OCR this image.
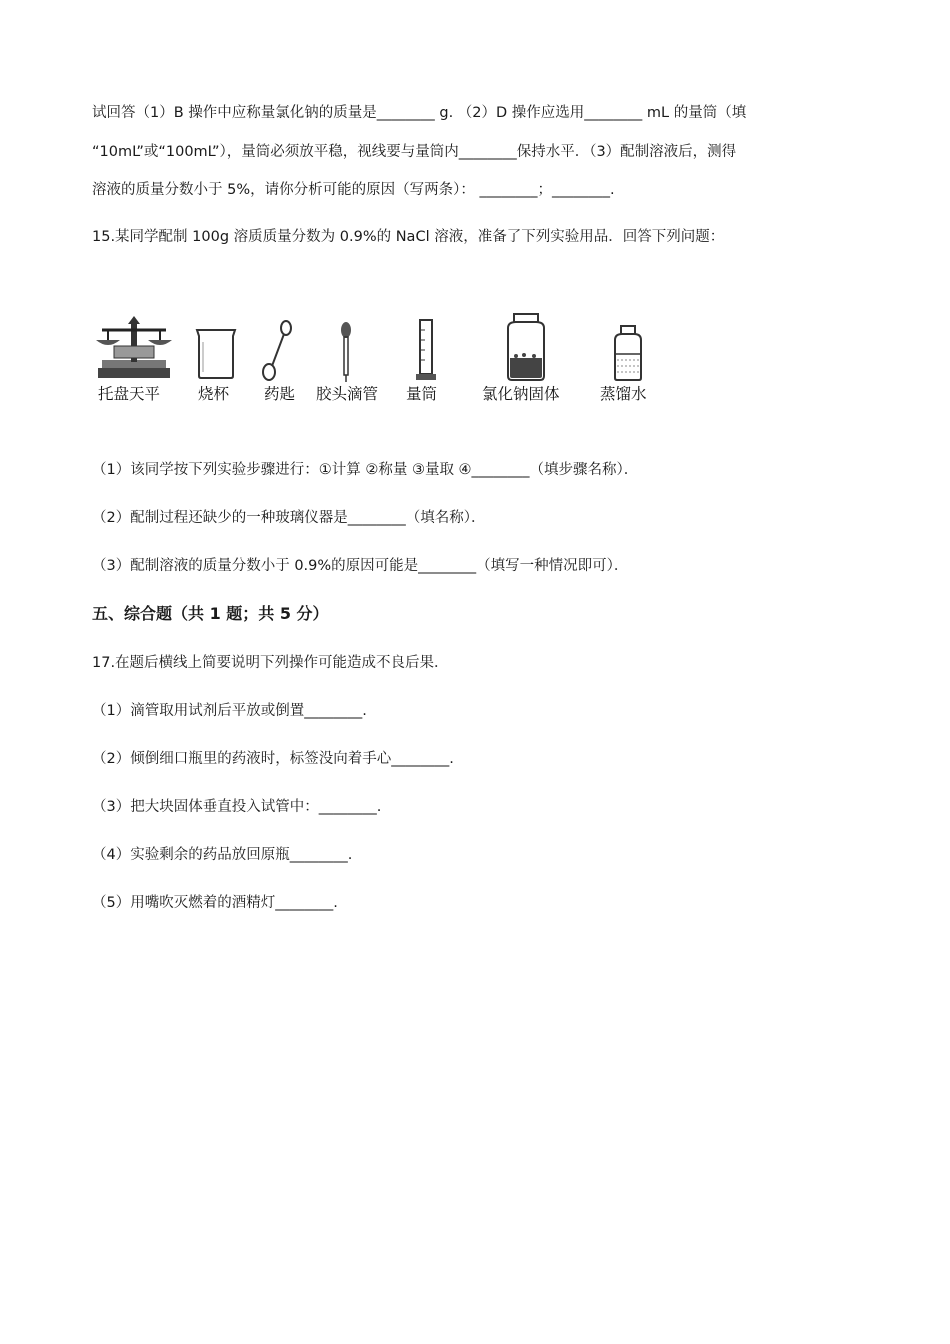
试回答（1）B 操作中应称量氯化钠的质量是________ g. （2）D 操作应选用________ mL 的量筒（填
“10mL”或“100mL”），量筒必须放平稳，视线要与量筒内________保持水平．（3）配制溶液后，测得
溶液的质量分数小于 5%，请你分析可能的原因（写两条）： ________；________.
15.某同学配制 100g 溶质质量分数为 0.9%的 NaCl 溶液，准备了下列实验用品．回答下列问题：
托盘天平 烧杯 药匙 胶头滴管 量筒	氯化钠固体	蒸馏水
（1）该同学按下列实验步骤进行：①计算 ②称量 ③量取 ④________（填步骤名称）．
（2）配制过程还缺少的一种玻璃仪器是________（填名称）．
（3）配制溶液的质量分数小于 0.9%的原因可能是________（填写一种情况即可）．
五、综合题（共 1 题；共 5 分）
17.在题后横线上简要说明下列操作可能造成不良后果．
（1）滴管取用试剂后平放或倒置________.
（2）倾倒细口瓶里的药液时，标签没向着手心________.
（3）把大块固体垂直投入试管中：________.
（4）实验剩余的药品放回原瓶________.
（5）用嘴吹灭燃着的酒精灯________.
